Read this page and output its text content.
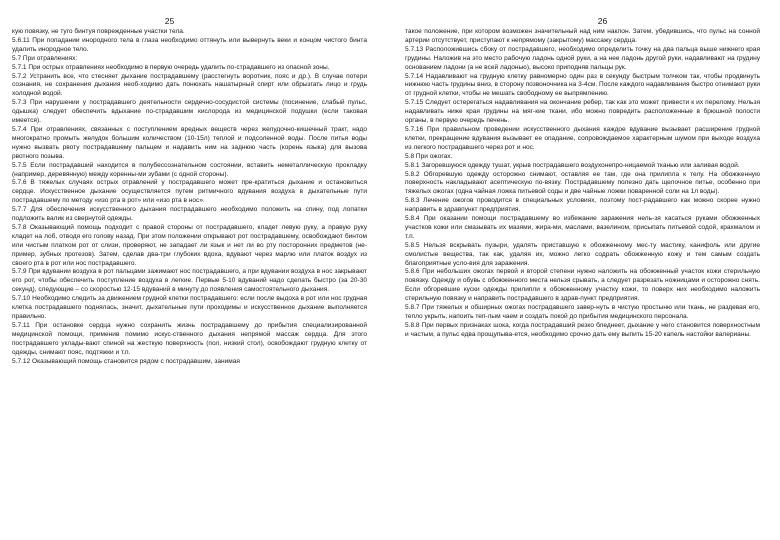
25

кую повязку, не туго бинтуя поврежденные участки тела.

5.6.11 При попадании инородного тела в глаза необходимо оттянуть или вывернуть веки и концом чистого бинта удалить инородное тело.

5.7 При отравлениях:

5.7.1 При острых отравлениях необходимо в первую очередь удалить по-страдавшего из опасной зоны.

5.7.2 Устранить все, что стесняет дыхание пострадавшему (расстегнуть воротник, пояс и др.). В случае потери сознания, не сохранения дыхания необ-ходимо дать понюхать нашатырный спирт или обрызгать лицо и грудь холодной водой.

5.7.3 При нарушении у пострадавшего деятельности сердечно-сосудистой системы (посинение, слабый пульс, одышка) следует обеспечить вдыхание по-страдавшим кислорода из медицинской подушки (если таковая имеется).

5.7.4 При отравлениях, связанных с поступлением вредных веществ через желудочно-кишечный тракт, надо многократно промыть желудок большим количеством (10-15л) теплой и подсоленной воды. После питья воды нужно вызвать рвоту пострадавшему пальцем и надавить ним на заднюю часть (корень языка) для вызова рвотного позыва.

5.7.5 Если пострадавший находится в полубессознательном состоянии, вставить неметаллическую прокладку (например, деревянную) между коренны-ми зубами (с одной стороны).

5.7.6 В тяжелых случаях острых отравлений у пострадавшего может пре-кратиться дыхание и остановиться сердце. Искусственное дыхание осуществляется путем ритмичного вдувания воздуха в дыхательные пути пострадавшему по методу «изо рта в рот» или «изо рта в нос».

5.7.7 Для обеспечения искусственного дыхания пострадавшего необходимо положить на спину, под лопатки подложить валик из свернутой одежды.

5.7.8 Оказывающий помощь подходит с правой стороны от пострадавшего, кладет левую руку, а правую руку кладет на лоб, отводя его голову назад. При этом положении открывают рот пострадавшему, освобождают бинтом или чистым платком рот от слизи, проверяют, не западает ли язык и нет ли во рту посторонних предметов (не-пример, зубных протезов). Затем, сделав два-три глубоких вдоха, вдувают через марлю или платок воздух из своего рта в рот или нос пострадавшего.

5.7.9 При вдувании воздуха в рот пальцами зажимают нос пострадавшего, а при вдувании воздуха в нос закрывают его рот, чтобы обеспечить поступление воздуха в легкие. Первые 5-10 вдуваний надо сделать быстро (за 20-30 секунд), следующие – со скоростью 12-15 вдуваний в минуту до появления самостоятельного дыхания.

5.7.10 Необходимо следить за движением грудной клетки пострадавшего: если после выдоха в рот или нос грудная клетка пострадавшего поднялась, значит, дыхательные пути проходимы и искусственное дыхание выполняется правильно.

5.7.11 При остановке сердца нужно сохранить жизнь пострадавшему до прибытия специализированной медицинской помощи, применив помимо искус-ственного дыхания непрямой массаж сердца. Для этого пострадавшего уклады-вают спиной на жесткую поверхность (пол, низкий стол), освобождают грудную клетку от одежды, снимают пояс, подтяжки и т.п.

5.7.12 Оказывающий помощь становится рядом с пострадавшим, занимая

26

такое положение, при котором возможен значительный над ним наклон. Затем, убедившись, что пульс на сонной артерии отсутствует, приступают к непрямому (закрытому) массажу сердца.

5.7.13 Расположившись сбоку от пострадавшего, необходимо определить точку на два пальца выше нижнего края грудины. Наложив на это место рабочую ладонь одной руки, а на нее ладонь другой руки, надавливают на грудину основанием ладони (а не всей ладонью), высоко приподняв пальцы рук.

5.7.14 Надавливают на грудную клетку равномерно один раз в секунду быстрым толчком так, чтобы продвинуть нижнюю часть грудины вниз, в сторону позвоночника на 3-4см. После каждого надавливания быстро отнимают руки от грудной клетки, чтобы не мешать свободному ее выпрямлению.

5.7.15 Следует остерегаться надавливания на окончание ребер, так как это может привести к их перелому. Нельзя надавливать ниже края грудины на мяг-кие ткани, ибо можно повредить расположенные в брюшной полости органы, в первую очередь печень.

5.7.16 При правильном проведении искусственного дыхания каждое вдувание вызывает расширение грудной клетки, прекращение вдувания вызывает ее опадание, сопровождаемое характерным шумом при выходе воздуха из легкого пострадавшего через рот и нос.

5.8 При ожогах.

5.8.1 Загоревшуюся одежду тушат, укрыв пострадавшего воздухонепро-ницаемой тканью или заливая водой.

5.8.2 Обгоревшую одежду осторожно снимают, оставляя ее там, где она прилипла к телу. На обожженную поверхность накладывают асептическую по-вязку. Пострадавшему полезно дать щелочное питье, особенно при тяжелых ожогах (одна чайная ложка питьевой соды и две чайные ложки поваренной соли на 1л воды).

5.8.3 Лечение ожогов проводится в специальных условиях, поэтому пост-радавшего как можно скорее нужно направить в здравпункт предприятия.

5.8.4 При оказании помощи пострадавшему во избежание заражения нель-зя касаться руками обожженных участков кожи или смазывать их мазями, жира-ми, маслами, вазелином, присыпать питьевой содой, крахмалом и т.п.

5.8.5 Нельзя вскрывать пузыри, удалять приставшую к обожженному мес-ту мастику, канифоль или другие смолистые вещества, так как, удаляя их, можно легко содрать обожженную кожу и тем самым создать благоприятные усло-вия для заражения.

5.8.6 При небольших ожогах первой и второй степени нужно наложить на обожженный участок кожи стерильную повязку. Одежду и обувь с обожженного места нельзя срывать, а следует разрезать ножницами и осторожно снять. Если обгоревшие куски одежды прилипли к обожженному участку кожи, то поверх них необходимо наложить стерильную повязку и направить пострадавшего в здрав-пункт предприятия.

5.8.7 При тяжелых и обширных ожогах пострадавшего завер-нуть в чистую простыню или ткань, не раздевая его, тепло укрыть, напоить теп-лым чаем и создать покой до прибытия медицинского персонала.

5.8.8 При первых признаках шока, когда пострадавший резко бледнеет, дыхание у него становится поверхностным и частым, а пульс едва прощупыва-ется, необходимо срочно дать ему выпить 15-20 капель настойки валерианы.
